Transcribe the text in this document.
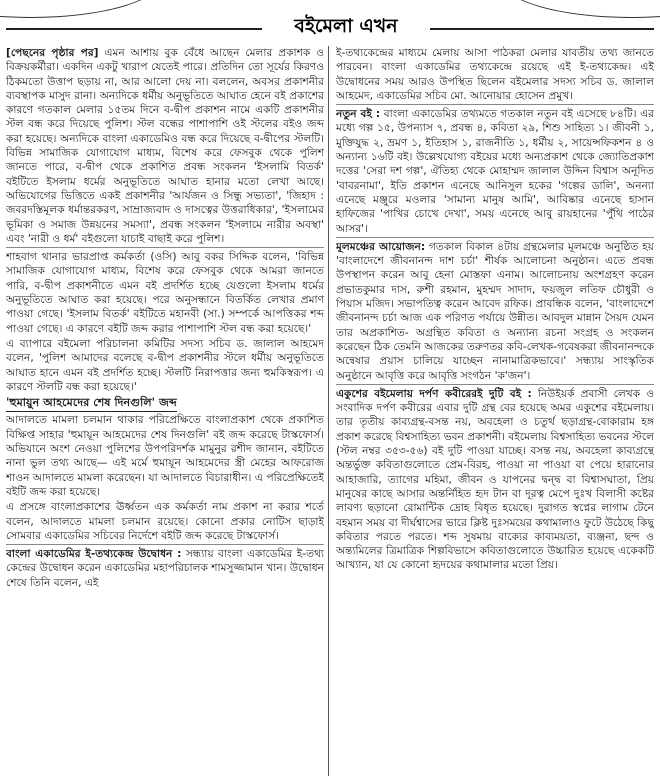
বইমেলা এখন

[পেছনের পৃষ্ঠার পর] এমন আশায় বুক বেঁধে আছেন মেলার প্রকাশক ও বিক্রয়কর্মীরা। একদিন একটু খারাপ যেতেই পারে। প্রতিদিন তো সূর্যের কিরণও ঠিকমতো উত্তাপ ছড়ায় না, আর আলো দেয় না। বললেন, অবসর প্রকাশনীর ব্যবস্থাপক মাসুদ রানা। অন্যদিকে ধর্মীয় অনুভূতিতে আঘাত হেনে বই প্রকাশের কারণে গতকাল মেলার ১৫তম দিনে ব-দ্বীপ প্রকাশন নামে একটি প্রকাশনীর স্টল বন্ধ করে দিয়েছে পুলিশ। স্টল বন্ধের পাশাপাশি ওই স্টলের বইও জব্দ করা হয়েছে। অন্যদিকে বাংলা একাডেমিও বন্ধ করে দিয়েছে ব-দ্বীপের স্টলটি। বিভিন্ন সামাজিক যোগাযোগ মাধ্যম, বিশেষ করে ফেসবুক থেকে পুলিশ জানতে পারে, ব-দ্বীপ থেকে প্রকাশিত প্রবন্ধ সংকলন 'ইসলামি বিতর্ক' বইটিতে ইসলাম ধর্মের অনুভূতিতে আঘাত হানার মতো লেখা আছে। অভিযোগের ভিত্তিতে একই প্রকাশনীর 'আর্যজন ও সিন্ধু সভ্যতা', 'জিহাদ : জবরদস্তিমূলক ধর্মান্তরকরণ, সাম্রাজ্যবাদ ও দাসত্বের উত্তরাধিকার', 'ইসলামের ভূমিকা ও সমাজ উন্নয়নের সমস্যা', প্রবন্ধ সংকলন 'ইসলামে নারীর অবস্থা' এবং 'নারী ও ধর্ম' বইগুলো যাচাই বাছাই করে পুলিশ।

শাহবাগ থানার ভারপ্রাপ্ত কর্মকর্তা (ওসি) আবু বকর সিদ্দিক বলেন, 'বিভিন্ন সামাজিক যোগাযোগ মাধ্যম, বিশেষ করে ফেসবুক থেকে আমরা জানতে পারি, ব-দ্বীপ প্রকাশনীতে এমন বই প্রদর্শিত হচ্ছে যেগুলো ইসলাম ধর্মের অনুভূতিতে আঘাত করা হয়েছে। পরে অনুসন্ধানে বিতর্কিত লেখার প্রমাণ পাওয়া গেছে। 'ইসলাম বিতর্ক' বইটিতে মহানবী (সা.) সম্পর্কে আপত্তিকর শব্দ পাওয়া গেছে। এ কারণে বইটি জব্দ করার পাশাপাশি স্টল বন্ধ করা হয়েছে।'

এ ব্যাপারে বইমেলা পরিচালনা কমিটির সদস্য সচিব ড. জালাল আহমেদ বলেন, 'পুলিশ আমাদের বলেছে ব-দ্বীপ প্রকাশনীর স্টলে ধর্মীয় অনুভূতিতে আঘাত হানে এমন বই প্রদর্শিত হচ্ছে। স্টলটি নিরাপত্তার জন্য হুমকিস্বরূপ। এ কারণে স্টলটি বন্ধ করা হয়েছে।'

'হুমায়ুন আহমেদের শেষ দিনগুলি' জব্দ

আদালতে মামলা চলমান থাকার পরিপ্রেক্ষিতে বাংলাপ্রকাশ থেকে প্রকাশিত বিক্ষিপ্ত সাহার 'হুমায়ূন আহমেদের শেষ দিনগুলি' বই জব্দ করেছে টাস্কফোর্স। অভিযানে অংশ নেওয়া পুলিশের উপপরিদর্শক মামুনুর রশীদ জানান, বইটিতে নানা ভুল তথ্য আছে— এই মর্মে হুমায়ূন আহমেদের স্ত্রী মেহের আফরোজ শাওন আদালতে মামলা করেছেন। যা আদালতে বিচারাধীন। এ পরিপ্রেক্ষিতেই বইটি জব্দ করা হয়েছে।

এ প্রসঙ্গে বাংলাপ্রকাশের ঊর্ধ্বতন এক কর্মকর্তা নাম প্রকাশ না করার শর্তে বলেন, আদালতে মামলা চলমান রয়েছে। কোনো প্রকার নোটিস ছাড়াই সোমবার একাডেমির সচিবের নির্দেশে বইটি জব্দ করেছে টাস্কফোর্স।

বাংলা একাডেমির ই-তথ্যকেন্দ্র উদ্বোধন : সন্ধ্যায় বাংলা একাডেমির ই-তথ্য কেন্দ্রের উদ্বোধন করেন একাডেমির মহাপরিচালক শামসুজ্জামান খান। উদ্বোধন শেষে তিনি বলেন, এই

ই-তথ্যকেন্দ্রের মাধ্যমে মেলায় আসা পাঠকরা মেলার যাবতীয় তথ্য জানতে পারবেন। বাংলা একাডেমির তথ্যকেন্দ্রে রয়েছে এই ই-তথ্যকেন্দ্র। এই উদ্বোধনের সময় আরও উপস্থিত ছিলেন বইমেলার সদস্য সচিব ড. জালাল আহমেদ, একাডেমির সচিব মো. আনোয়ার হোসেন প্রমুখ।

নতুন বই : বাংলা একাডেমির তথ্যমতে গতকাল নতুন বই এসেছে ৮৪টি। এর মধ্যে গল্প ১৫, উপন্যাস ৭, প্রবন্ধ ৪, কবিতা ২৯, শিশু সাহিত্য ১। জীবনী ১, মুক্তিযুদ্ধ ২, ভ্রমণ ১, ইতিহাস ১, রাজনীতি ১, ধর্মীয় ২, সায়েন্সফিকশন ৪ ও অন্যান্য ১৬টি বই। উল্লেখযোগ্য বইয়ের মধ্যে অন্যপ্রকাশ থেকে জ্যোতিপ্রকাশ দত্তের 'সেরা দশ গল্প', ঐতিহ্য থেকে মোহাম্মদ জালাল উদ্দিন বিশ্বাস অনূদিত 'বাবরনামা', ইতি প্রকাশন এনেছে আনিসুল হকের 'গল্পের ডালি', অনন্যা এনেছে মঞ্জুরে মওলার 'সামান্য মানুষ আমি', আবিষ্কার এনেছে হাসান হাফিজের 'পাখির চোখে দেখা', সময় এনেছে আবু রায়হানের 'পুঁথি পাঠের আসর'।

মূলমঞ্চের আয়োজন: গতকাল বিকাল ৪টায় গ্রন্থমেলার মূলমঞ্চে অনুষ্ঠিত হয় 'বাংলাদেশে জীবনানন্দ দাশ চর্চা' শীর্ষক আলোচনা অনুষ্ঠান। এতে প্রবন্ধ উপস্থাপন করেন আবু হেনা মোস্তফা এনাম। আলোচনায় অংশগ্রহণ করেন প্রভাতকুমার দাস, রুশী রহমান, মুহম্মদ সাদাদ, ফয়জুল লতিফ চৌধুরী ও পিয়াস মজিদ। সভাপতিত্ব করেন আবেদ রফিক। প্রাবন্ধিক বলেন, 'বাংলাদেশে জীবনানন্দ চর্চা আজ এক পরিণত পর্যায়ে উন্নীত। আবদুল মান্নান সৈয়দ যেমন তার অপ্রকাশিত- অগ্রন্থিত কবিতা ও অন্যান্য রচনা সংগ্রহ ও সংকলন করেছেন ঠিক তেমনি আজকের তরুণতর কবি-লেখক-গবেষকরা জীবনানন্দকে অন্বেষার প্রয়াস চালিয়ে যাচ্ছেন নানামাত্রিকভাবে।' সন্ধ্যায় সাংস্কৃতিক অনুষ্ঠানে আবৃত্তি করে আবৃত্তি সংগঠন 'ক'জন'।

একুশের বইমেলায় দর্পণ কবীরেরই দুটি বই : নিউইয়র্ক প্রবাসী লেখক ও সংবাদিক দর্পণ কবীরের এবার দুটি গ্রন্থ বের হয়েছে অমর একুশের বইমেলায়। তার তৃতীয় কাব্যগ্রন্থ-বসন্ত নয়, অবহেলা ও চতুর্থ ছড়াগ্রন্থ-বোকারাম হঙ্গ প্রকাশ করেছে বিশ্বসাহিত্য ভবন প্রকাশনী। বইমেলায় বিশ্বসাহিত্য ভবনের স্টলে (স্টল নম্বর ৩৫৩-৫৬) বই দুটি পাওয়া যাচ্ছে। বসন্ত নয়, অবহেলা কাব্যগ্রন্থে অন্তর্ভুক্ত কবিতাগুলোতে প্রেম-বিরহ, পাওয়া না পাওয়া বা পেয়ে হারানোর আহাজারি, ত্যাগের মহিমা, জীবন ও যাপনের দ্বন্দ্ব বা বিশ্বাসঘাতা, প্রিয় মানুষের কাছে আসার অন্তর্নিহিত হৃদ টান বা দূরত্ব মেপে দুঃখ বিলাসী কষ্টের লাবণ্য ছড়ানো রোমান্টিক দ্রোহ বিধৃত হয়েছে। দুরাগত স্বপ্নের লাগাম টেনে বহমান সময় বা দীর্ঘশ্বাসের ভারে ক্লিষ্ট দুঃসময়ের কথামালাও ফুটে উঠেছে কিছু কবিতার পরতে পরতে। শব্দ সুষমায় বাক্যের কাব্যময়তা, ব্যঞ্জনা, ছন্দ ও অন্ত্যমিলের ত্রিমাত্রিক শিল্পবিভাসে কবিতাগুলোতে উচ্চারিত হয়েছে একেকটি আখ্যান, যা যে কোনো হৃদয়ের কথামালার মতো প্রিয়।
